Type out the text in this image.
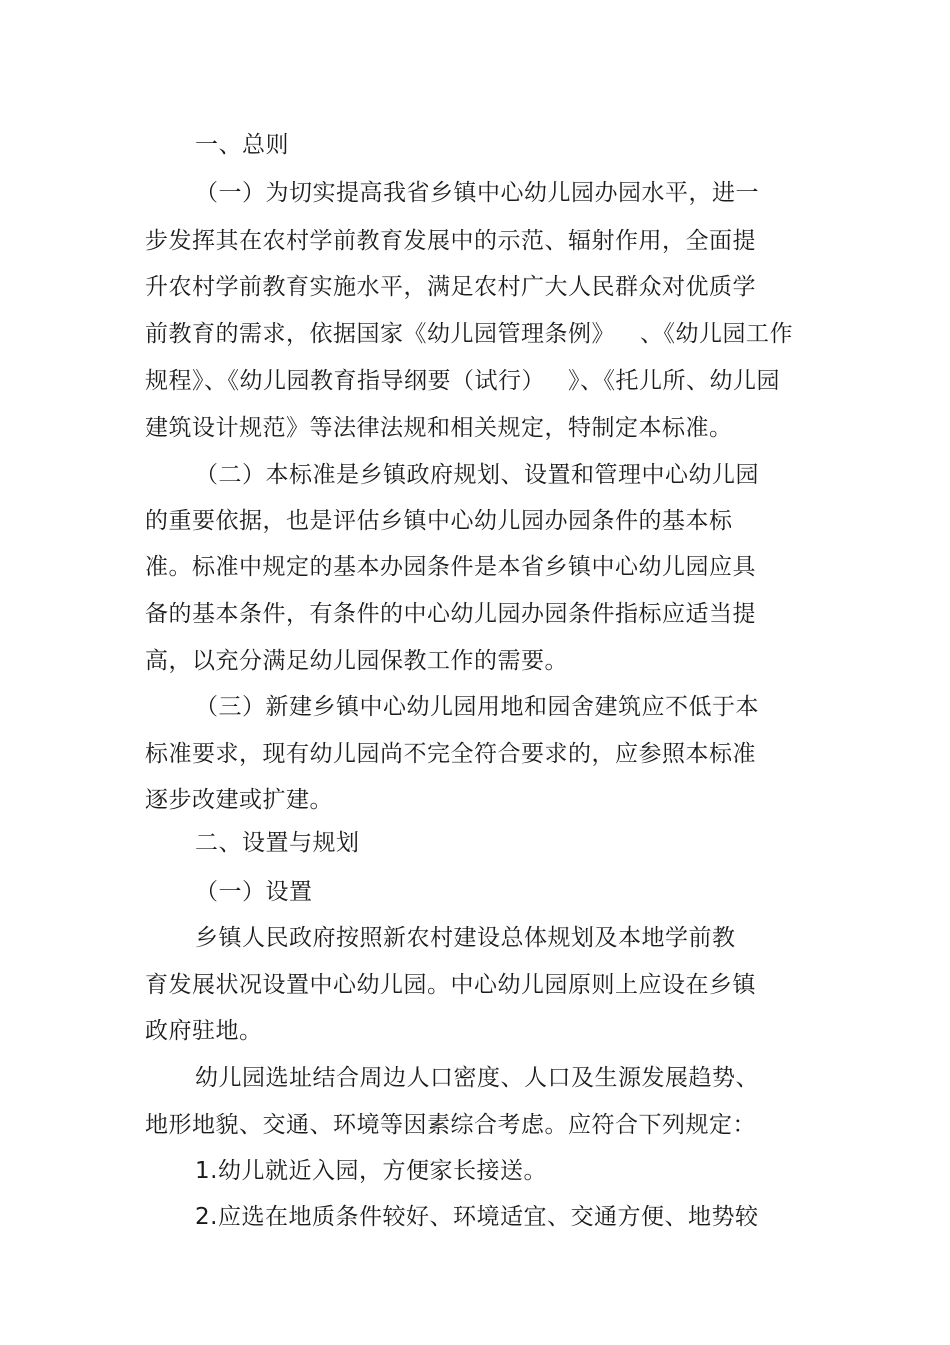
一、总则
（一）为切实提高我省乡镇中心幼儿园办园水平，进一
步发挥其在农村学前教育发展中的示范、辐射作用，全面提
升农村学前教育实施水平，满足农村广大人民群众对优质学
前教育的需求，依据国家《幼儿园管理条例》 、《幼儿园工作
规程》、《幼儿园教育指导纲要（试行） 》、《托儿所、幼儿园
建筑设计规范》等法律法规和相关规定，特制定本标准。
（二）本标准是乡镇政府规划、设置和管理中心幼儿园
的重要依据，也是评估乡镇中心幼儿园办园条件的基本标
准。标准中规定的基本办园条件是本省乡镇中心幼儿园应具
备的基本条件，有条件的中心幼儿园办园条件指标应适当提
高，以充分满足幼儿园保教工作的需要。
（三）新建乡镇中心幼儿园用地和园舍建筑应不低于本
标准要求，现有幼儿园尚不完全符合要求的，应参照本标准
逐步改建或扩建。
二、设置与规划
（一）设置
乡镇人民政府按照新农村建设总体规划及本地学前教
育发展状况设置中心幼儿园。中心幼儿园原则上应设在乡镇
政府驻地。
幼儿园选址结合周边人口密度、人口及生源发展趋势、
地形地貌、交通、环境等因素综合考虑。应符合下列规定：
1.幼儿就近入园，方便家长接送。
2.应选在地质条件较好、环境适宜、交通方便、地势较
